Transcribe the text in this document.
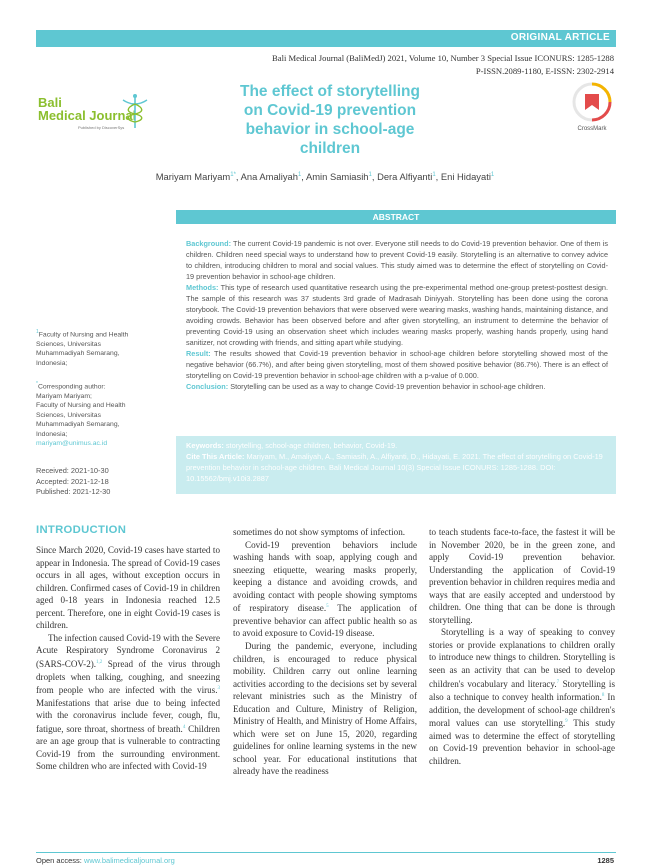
ORIGINAL ARTICLE
Bali Medical Journal (BaliMedJ) 2021, Volume 10, Number 3 Special Issue ICONURS: 1285-1288
P-ISSN.2089-1180, E-ISSN: 2302-2914
Bali
Medical Journal
Published by DiscoverSys
The effect of storytelling on Covid-19 prevention behavior in school-age children
CrossMark
Mariyam Mariyam$^{1*}$, Ana Amaliyah$^1$, Amin Samiasih$^1$, Dera Alfiyanti$^1$, Eni Hidayati$^1$
ABSTRACT

Background: The current Covid-19 pandemic is not over. Everyone still needs to do Covid-19 prevention behavior. One of them is children. Children need special ways to understand how to prevent Covid-19 easily. Storytelling is an alternative to convey advice to children, introducing children to moral and social values. This study aimed was to determine the effect of storytelling on Covid-19 prevention behavior in school-age children.

Methods: This type of research used quantitative research using the pre-experimental method one-group pretest-posttest design. The sample of this research was 37 students 3rd grade of Madrasah Diniyyah. Storytelling has been done using the corona storybook. The Covid-19 prevention behaviors that were observed were wearing masks, washing hands, maintaining distance, and avoiding crowds. Behavior has been observed before and after given storytelling, an instrument to determine the behavior of preventing Covid-19 using an observation sheet which includes wearing masks properly, washing hands properly, using hand sanitizer, not crowding with friends, and sitting apart while studying.

Result: The results showed that Covid-19 prevention behavior in school-age children before storytelling showed most of the negative behavior (66.7%), and after being given storytelling, most of them showed positive behavior (86.7%). There is an effect of storytelling on Covid-19 prevention behavior in school-age children with a p-value of 0.000.

Conclusion: Storytelling can be used as a way to change Covid-19 prevention behavior in school-age children.

Keywords: storytelling, school-age children, behavior, Covid-19.
Cite This Article: Mariyam, M., Amaliyah, A., Samiasih, A., Alfiyanti, D., Hidayati, E. 2021. The effect of storytelling on Covid-19 prevention behavior in school-age children. Bali Medical Journal 10(3) Special Issue ICONURS: 1285-1288. DOI: 10.15562/bmj.v10i3.2887
$^1$Faculty of Nursing and Health Sciences, Universitas Muhammadiyah Semarang, Indonesia;
*Corresponding author:
Mariyam Mariyam;
Faculty of Nursing and Health Sciences, Universitas Muhammadiyah Semarang, Indonesia;
mariyam@unimus.ac.id
Received: 2021-10-30
Accepted: 2021-12-18
Published: 2021-12-30
INTRODUCTION

Since March 2020, Covid-19 cases have started to appear in Indonesia. The spread of Covid-19 cases occurs in all ages, without exception occurs in children. Confirmed cases of Covid-19 in children aged 0-18 years in Indonesia reached 12.5 percent. Therefore, one in eight Covid-19 cases is children.

The infection caused Covid-19 with the Severe Acute Respiratory Syndrome Coronavirus 2 (SARS-COV-2).$^{1,2}$ Spread of the virus through droplets when talking, coughing, and sneezing from people who are infected with the virus.$^3$ Manifestations that arise due to being infected with the coronavirus include fever, cough, flu, fatigue, sore throat, shortness of breath.$^4$ Children are an age group that is vulnerable to contracting Covid-19 from the surrounding environment. Some children who are infected with Covid-19

sometimes do not show symptoms of infection.

Covid-19 prevention behaviors include washing hands with soap, applying cough and sneezing etiquette, wearing masks properly, keeping a distance and avoiding crowds, and avoiding contact with people showing symptoms of respiratory disease.$^5$ The application of preventive behavior can affect public health so as to avoid exposure to Covid-19 disease.

During the pandemic, everyone, including children, is encouraged to reduce physical mobility. Children carry out online learning activities according to the decisions set by several relevant ministries such as the Ministry of Education and Culture, Ministry of Religion, Ministry of Health, and Ministry of Home Affairs, which were set on June 15, 2020, regarding guidelines for online learning systems in the new school year. For educational institutions that already have the readiness

to teach students face-to-face, the fastest it will be in November 2020, be in the green zone, and apply Covid-19 prevention behavior. Understanding the application of Covid-19 prevention behavior in children requires media and ways that are easily accepted and understood by children. One thing that can be done is through storytelling.

Storytelling is a way of speaking to convey stories or provide explanations to children orally to introduce new things to children. Storytelling is seen as an activity that can be used to develop children's vocabulary and literacy.$^7$ Storytelling is also a technique to convey health information.$^8$ In addition, the development of school-age children's moral values can use storytelling.$^9$ This study aimed was to determine the effect of storytelling on Covid-19 prevention behavior in school-age children.

Open access: www.balimedicaljournal.org	1285
